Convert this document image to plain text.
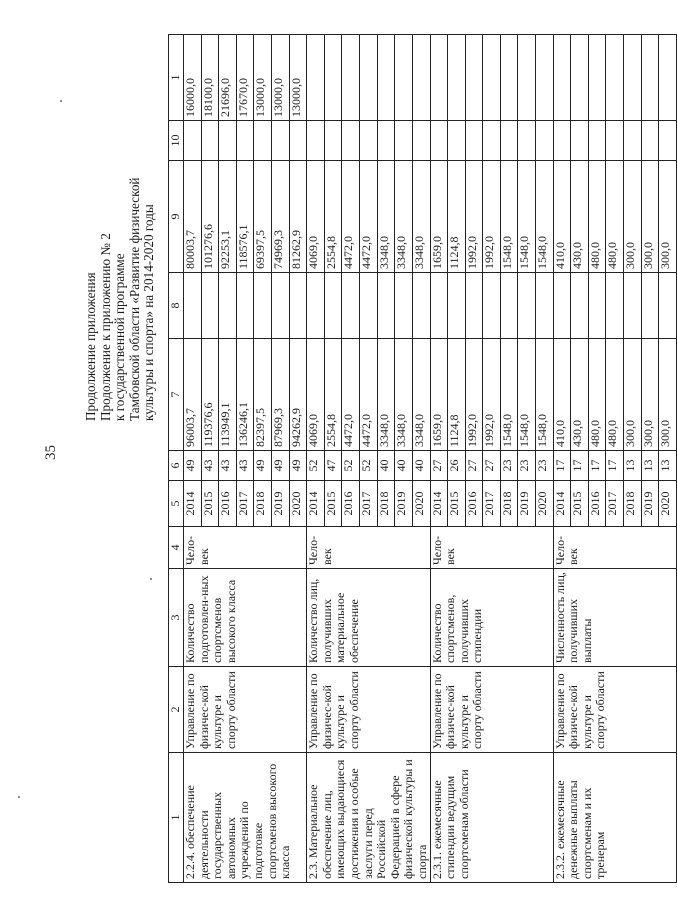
35
Продолжение приложения Продолжение к приложению № 2 к государственной программе Тамбовской области «Развитие физической культуры и спорта» на 2014-2020 годы
1	2	3	4	5	6	7	8	9	10	1
2.2.4. обеспечение деятельности государственных автономных учреждений по подготовке спортсменов высокого класса	Управление по физичес-кой культуре и спорту области	Количество подготовлен-ных спортсменов высокого класса	Чело-век	2014	49	96003,7		80003,7		16000,0
				2015	43	119376,6		101276,6		18100,0
				2016	43	113949,1		92253,1		21696,0
				2017	43	136246,1		118576,1		17670,0
				2018	49	82397,5		69397,5		13000,0
				2019	49	87969,3		74969,3		13000,0
				2020	49	94262,9		81262,9		13000,0
2.3. Материальное обеспечение лиц, имеющих выдающиеся достижения и особые заслуги перед Российской Федерацией в сфере физической культуры и спорта	Управление по физичес-кой культуре и спорту области	Количество лиц, получивших материальное обеспечение	Чело-век	2014	52	4069,0		4069,0		
				2015	47	2554,8		2554,8		
				2016	52	4472,0		4472,0		
				2017	52	4472,0		4472,0		
				2018	40	3348,0		3348,0		
				2019	40	3348,0		3348,0		
				2020	40	3348,0		3348,0		
2.3.1. ежемесячные стипендии ведущим спортсменам области	Управление по физичес-кой культуре и спорту области	Количество спортсменов, получивших стипендии	Чело-век	2014	27	1659,0		1659,0		
				2015	26	1124,8		1124,8		
				2016	27	1992,0		1992,0		
				2017	27	1992,0		1992,0		
				2018	23	1548,0		1548,0		
				2019	23	1548,0		1548,0		
				2020	23	1548,0		1548,0		
2.3.2. ежемесячные денежные выплаты спортсменам и их тренерам	Управление по физичес-кой культуре и спорту области	Численность лиц, получивших выплаты	Чело-век	2014	17	410,0		410,0		
				2015	17	430,0		430,0		
				2016	17	480,0		480,0		
				2017	17	480,0		480,0		
				2018	13	300,0		300,0		
				2019	13	300,0		300,0		
				2020	13	300,0		300,0		
